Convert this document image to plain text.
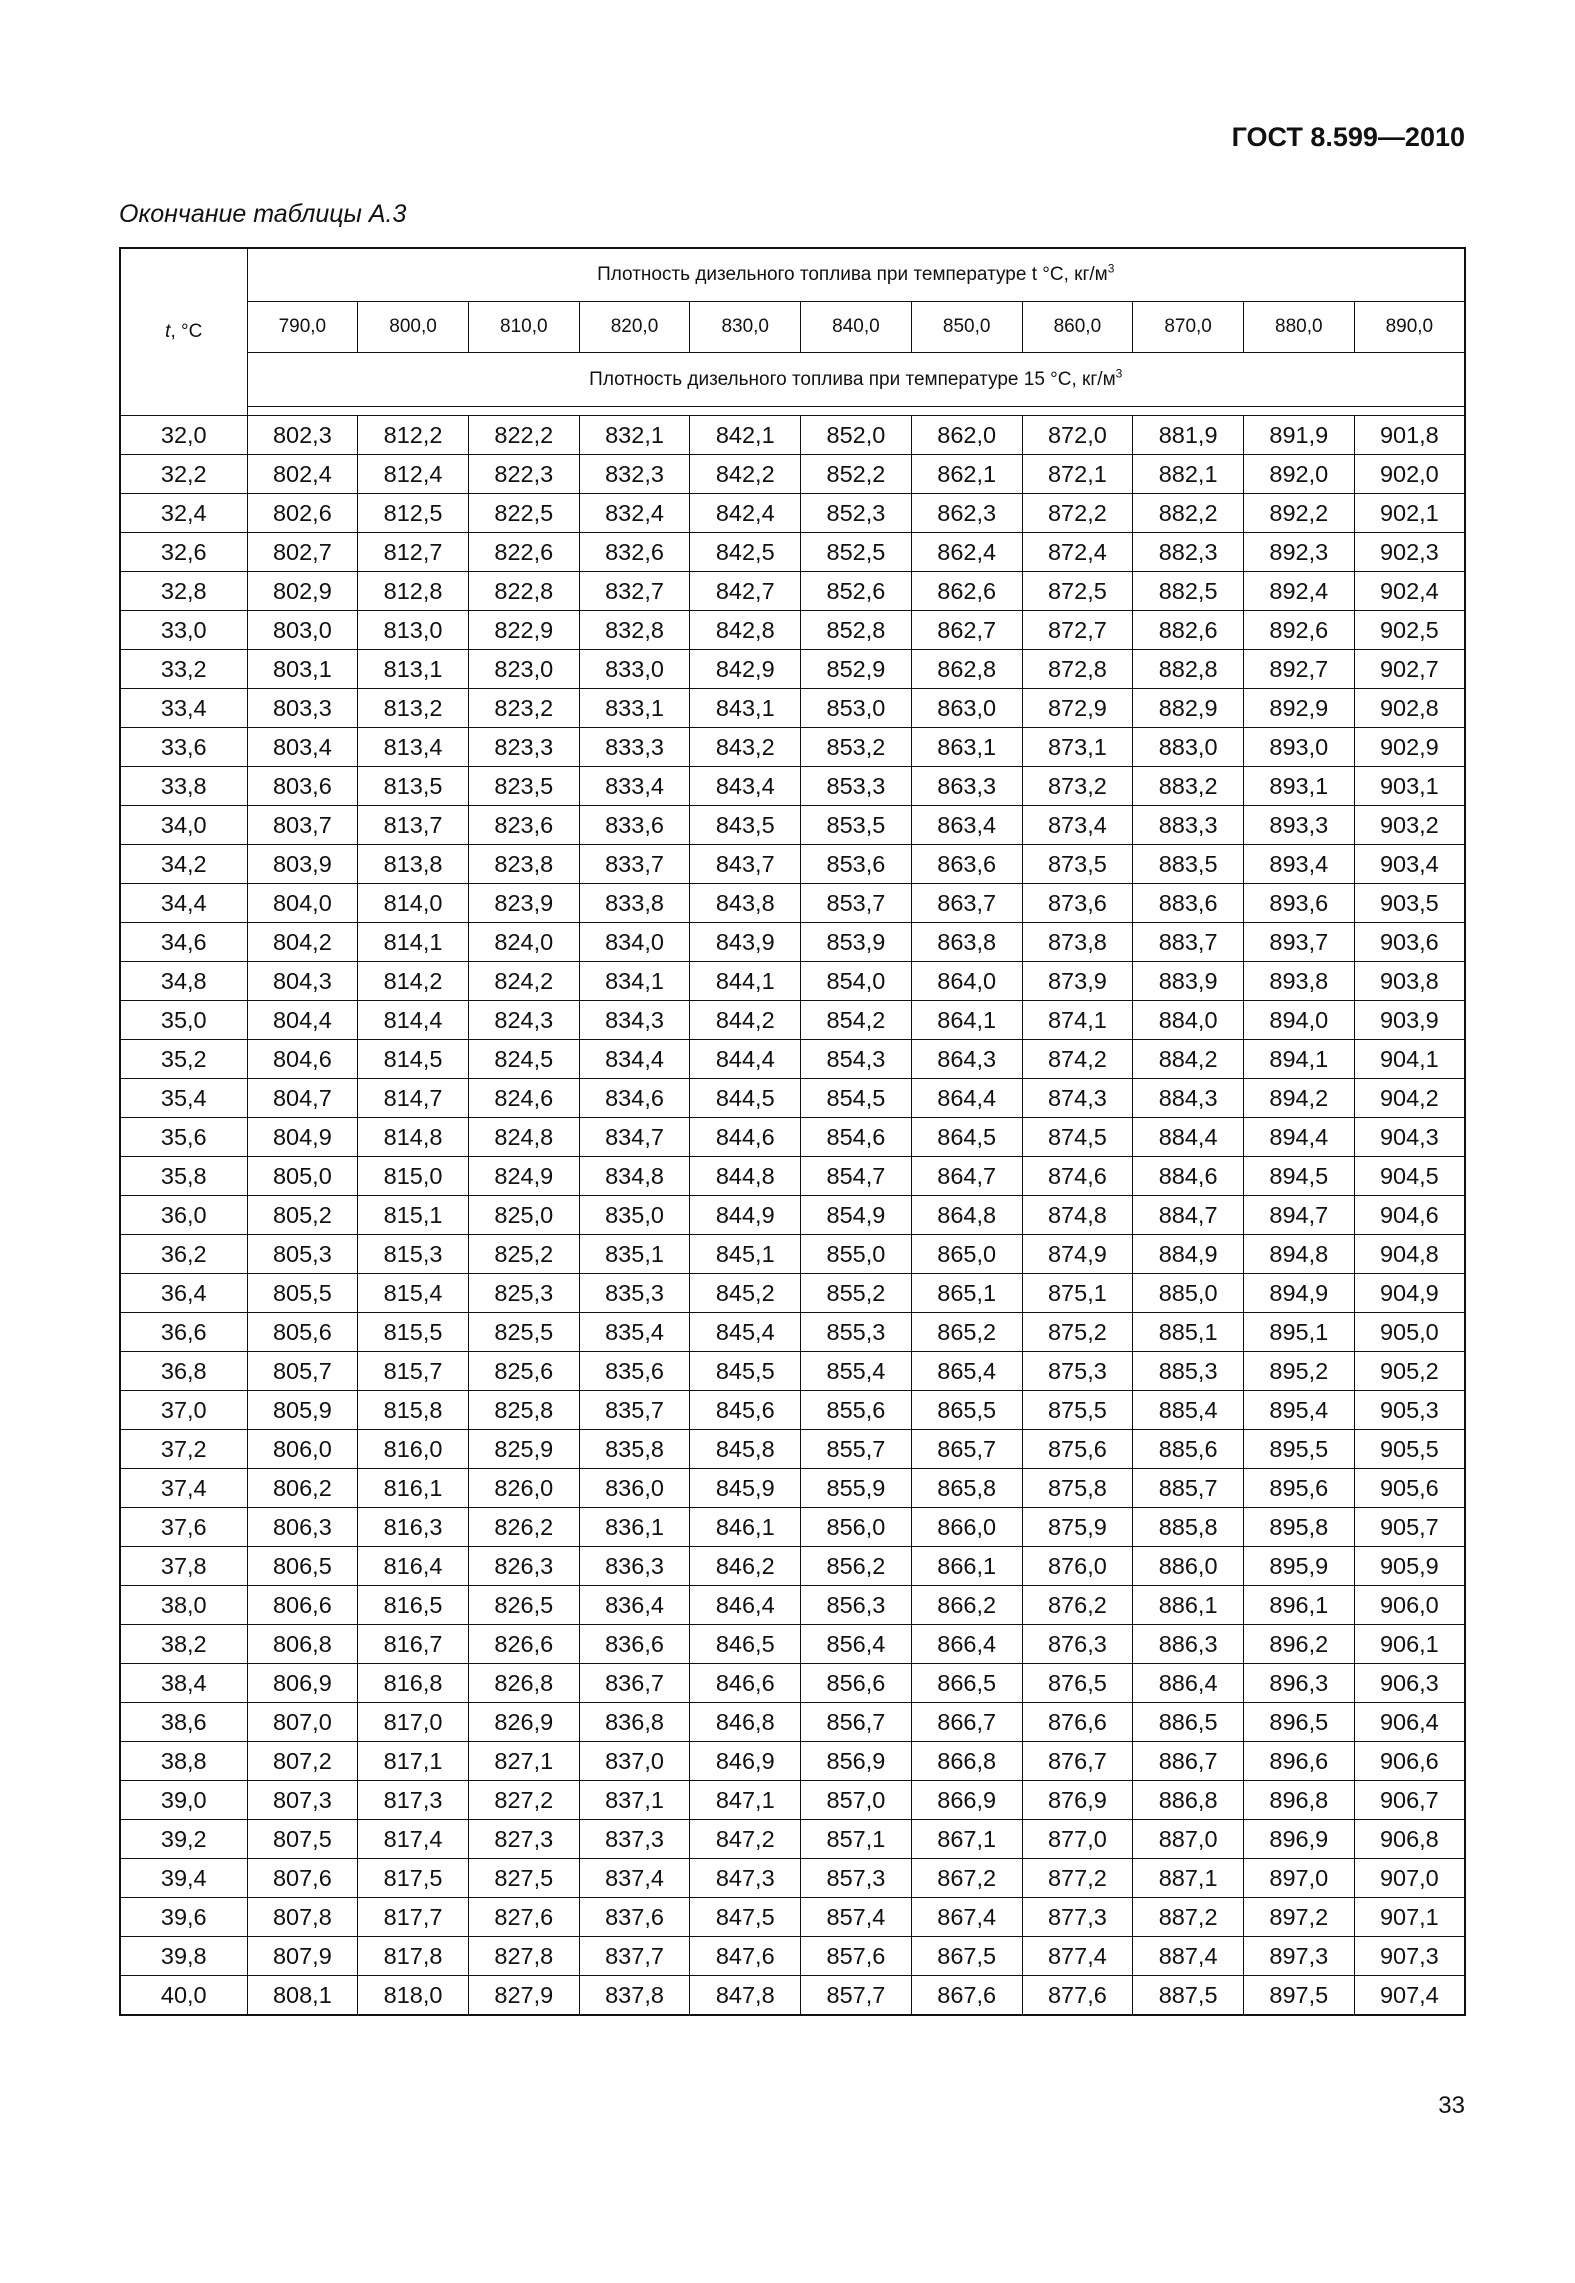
ГОСТ 8.599—2010
Окончание таблицы А.3
t, °C	Плотность дизельного топлива при температуре t °C, $кг/м^3$
	790,0	800,0	810,0	820,0	830,0	840,0	850,0	860,0	870,0	880,0	890,0
	Плотность дизельного топлива при температуре 15 °C, $кг/м^3$

32,0	802,3	812,2	822,2	832,1	842,1	852,0	862,0	872,0	881,9	891,9	901,8
32,2	802,4	812,4	822,3	832,3	842,2	852,2	862,1	872,1	882,1	892,0	902,0
32,4	802,6	812,5	822,5	832,4	842,4	852,3	862,3	872,2	882,2	892,2	902,1
32,6	802,7	812,7	822,6	832,6	842,5	852,5	862,4	872,4	882,3	892,3	902,3
32,8	802,9	812,8	822,8	832,7	842,7	852,6	862,6	872,5	882,5	892,4	902,4
33,0	803,0	813,0	822,9	832,8	842,8	852,8	862,7	872,7	882,6	892,6	902,5
33,2	803,1	813,1	823,0	833,0	842,9	852,9	862,8	872,8	882,8	892,7	902,7
33,4	803,3	813,2	823,2	833,1	843,1	853,0	863,0	872,9	882,9	892,9	902,8
33,6	803,4	813,4	823,3	833,3	843,2	853,2	863,1	873,1	883,0	893,0	902,9
33,8	803,6	813,5	823,5	833,4	843,4	853,3	863,3	873,2	883,2	893,1	903,1
34,0	803,7	813,7	823,6	833,6	843,5	853,5	863,4	873,4	883,3	893,3	903,2
34,2	803,9	813,8	823,8	833,7	843,7	853,6	863,6	873,5	883,5	893,4	903,4
34,4	804,0	814,0	823,9	833,8	843,8	853,7	863,7	873,6	883,6	893,6	903,5
34,6	804,2	814,1	824,0	834,0	843,9	853,9	863,8	873,8	883,7	893,7	903,6
34,8	804,3	814,2	824,2	834,1	844,1	854,0	864,0	873,9	883,9	893,8	903,8
35,0	804,4	814,4	824,3	834,3	844,2	854,2	864,1	874,1	884,0	894,0	903,9
35,2	804,6	814,5	824,5	834,4	844,4	854,3	864,3	874,2	884,2	894,1	904,1
35,4	804,7	814,7	824,6	834,6	844,5	854,5	864,4	874,3	884,3	894,2	904,2
35,6	804,9	814,8	824,8	834,7	844,6	854,6	864,5	874,5	884,4	894,4	904,3
35,8	805,0	815,0	824,9	834,8	844,8	854,7	864,7	874,6	884,6	894,5	904,5
36,0	805,2	815,1	825,0	835,0	844,9	854,9	864,8	874,8	884,7	894,7	904,6
36,2	805,3	815,3	825,2	835,1	845,1	855,0	865,0	874,9	884,9	894,8	904,8
36,4	805,5	815,4	825,3	835,3	845,2	855,2	865,1	875,1	885,0	894,9	904,9
36,6	805,6	815,5	825,5	835,4	845,4	855,3	865,2	875,2	885,1	895,1	905,0
36,8	805,7	815,7	825,6	835,6	845,5	855,4	865,4	875,3	885,3	895,2	905,2
37,0	805,9	815,8	825,8	835,7	845,6	855,6	865,5	875,5	885,4	895,4	905,3
37,2	806,0	816,0	825,9	835,8	845,8	855,7	865,7	875,6	885,6	895,5	905,5
37,4	806,2	816,1	826,0	836,0	845,9	855,9	865,8	875,8	885,7	895,6	905,6
37,6	806,3	816,3	826,2	836,1	846,1	856,0	866,0	875,9	885,8	895,8	905,7
37,8	806,5	816,4	826,3	836,3	846,2	856,2	866,1	876,0	886,0	895,9	905,9
38,0	806,6	816,5	826,5	836,4	846,4	856,3	866,2	876,2	886,1	896,1	906,0
38,2	806,8	816,7	826,6	836,6	846,5	856,4	866,4	876,3	886,3	896,2	906,1
38,4	806,9	816,8	826,8	836,7	846,6	856,6	866,5	876,5	886,4	896,3	906,3
38,6	807,0	817,0	826,9	836,8	846,8	856,7	866,7	876,6	886,5	896,5	906,4
38,8	807,2	817,1	827,1	837,0	846,9	856,9	866,8	876,7	886,7	896,6	906,6
39,0	807,3	817,3	827,2	837,1	847,1	857,0	866,9	876,9	886,8	896,8	906,7
39,2	807,5	817,4	827,3	837,3	847,2	857,1	867,1	877,0	887,0	896,9	906,8
39,4	807,6	817,5	827,5	837,4	847,3	857,3	867,2	877,2	887,1	897,0	907,0
39,6	807,8	817,7	827,6	837,6	847,5	857,4	867,4	877,3	887,2	897,2	907,1
39,8	807,9	817,8	827,8	837,7	847,6	857,6	867,5	877,4	887,4	897,3	907,3
40,0	808,1	818,0	827,9	837,8	847,8	857,7	867,6	877,6	887,5	897,5	907,4
33
